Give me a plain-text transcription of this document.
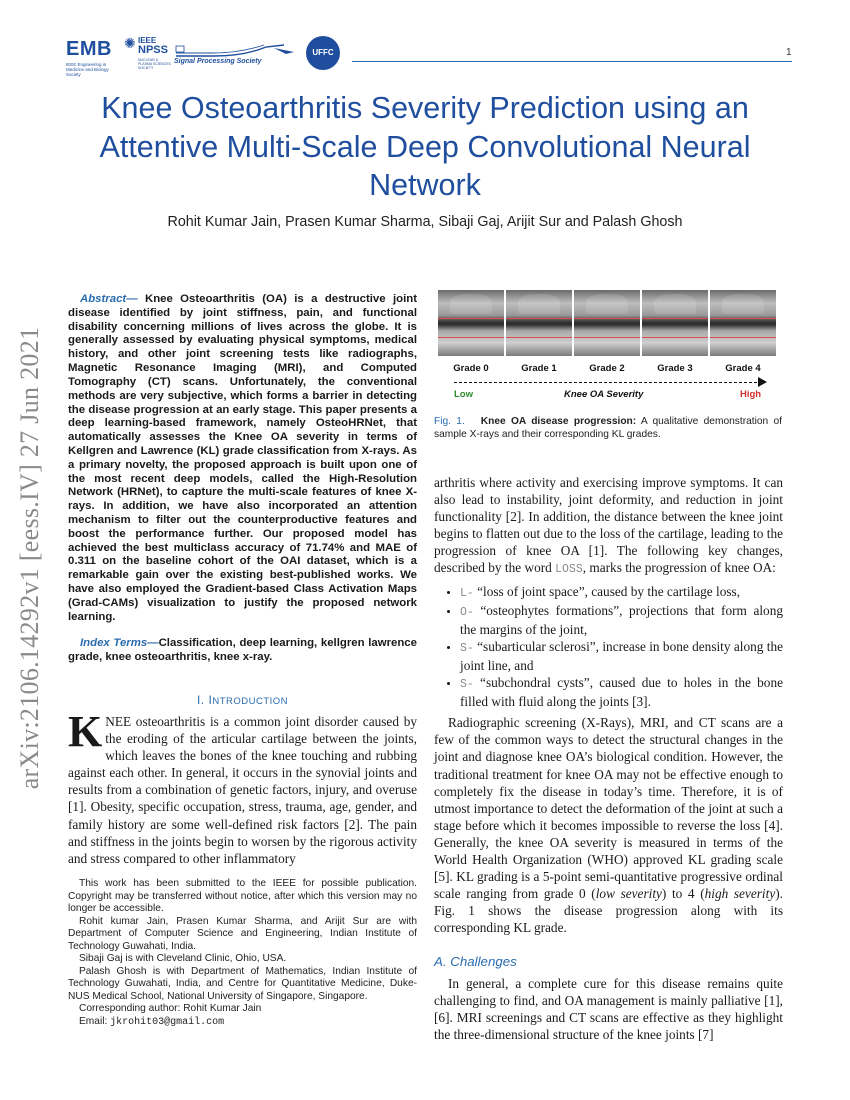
EMB
IEEE Engineering in Medicine and Biology Society
✺ IEEE
NPSS
NUCLEAR & PLASMA SCIENCES SOCIETY
Signal Processing Society
UFFC	1
Knee Osteoarthritis Severity Prediction using an Attentive Multi-Scale Deep Convolutional Neural Network
Rohit Kumar Jain, Prasen Kumar Sharma, Sibaji Gaj, Arijit Sur and Palash Ghosh
arXiv:2106.14292v1 [eess.IV] 27 Jun 2021
Abstract— Knee Osteoarthritis (OA) is a destructive joint disease identified by joint stiffness, pain, and functional disability concerning millions of lives across the globe. It is generally assessed by evaluating physical symptoms, medical history, and other joint screening tests like radiographs, Magnetic Resonance Imaging (MRI), and Computed Tomography (CT) scans. Unfortunately, the conventional methods are very subjective, which forms a barrier in detecting the disease progression at an early stage. This paper presents a deep learning-based framework, namely OsteoHRNet, that automatically assesses the Knee OA severity in terms of Kellgren and Lawrence (KL) grade classification from X-rays. As a primary novelty, the proposed approach is built upon one of the most recent deep models, called the High-Resolution Network (HRNet), to capture the multi-scale features of knee X-rays. In addition, we have also incorporated an attention mechanism to filter out the counterproductive features and boost the performance further. Our proposed model has achieved the best multiclass accuracy of 71.74% and MAE of 0.311 on the baseline cohort of the OAI dataset, which is a remarkable gain over the existing best-published works. We have also employed the Gradient-based Class Activation Maps (Grad-CAMs) visualization to justify the proposed network learning.
Index Terms—Classification, deep learning, kellgren lawrence grade, knee osteoarthritis, knee x-ray.
I. INTRODUCTION
KNEE osteoarthritis is a common joint disorder caused by the eroding of the articular cartilage between the joints, which leaves the bones of the knee touching and rubbing against each other. In general, it occurs in the synovial joints and results from a combination of genetic factors, injury, and overuse [1]. Obesity, specific occupation, stress, trauma, age, gender, and family history are some well-defined risk factors [2]. The pain and stiffness in the joints begin to worsen by the rigorous activity and stress compared to other inflammatory

This work has been submitted to the IEEE for possible publication. Copyright may be transferred without notice, after which this version may no longer be accessible.

Rohit kumar Jain, Prasen Kumar Sharma, and Arijit Sur are with Department of Computer Science and Engineering, Indian Institute of Technology Guwahati, India.

Sibaji Gaj is with Cleveland Clinic, Ohio, USA.

Palash Ghosh is with Department of Mathematics, Indian Institute of Technology Guwahati, India, and Centre for Quantitative Medicine, Duke-NUS Medical School, National University of Singapore, Singapore.

Corresponding author: Rohit Kumar Jain

Email: jkrohit03@gmail.com

Grade 0	Grade 1	Grade 2	Grade 3	Grade 4
Low	Knee OA Severity	High
Fig. 1. Knee OA disease progression: A qualitative demonstration of sample X-rays and their corresponding KL grades.

arthritis where activity and exercising improve symptoms. It can also lead to instability, joint deformity, and reduction in joint functionality [2]. In addition, the distance between the knee joint begins to flatten out due to the loss of the cartilage, leading to the progression of knee OA [1]. The following key changes, described by the word LOSS, marks the progression of knee OA:

• L- “loss of joint space”, caused by the cartilage loss,
• O- “osteophytes formations”, projections that form along the margins of the joint,
• S- “subarticular sclerosi”, increase in bone density along the joint line, and
• S- “subchondral cysts”, caused due to holes in the bone filled with fluid along the joints [3].

Radiographic screening (X-Rays), MRI, and CT scans are a few of the common ways to detect the structural changes in the joint and diagnose knee OA’s biological condition. However, the traditional treatment for knee OA may not be effective enough to completely fix the disease in today’s time. Therefore, it is of utmost importance to detect the deformation of the joint at such a stage before which it becomes impossible to reverse the loss [4]. Generally, the knee OA severity is measured in terms of the World Health Organization (WHO) approved KL grading scale [5]. KL grading is a 5-point semi-quantitative progressive ordinal scale ranging from grade 0 (low severity) to 4 (high severity). Fig. 1 shows the disease progression along with its corresponding KL grade.

A. Challenges
In general, a complete cure for this disease remains quite challenging to find, and OA management is mainly palliative [1], [6]. MRI screenings and CT scans are effective as they highlight the three-dimensional structure of the knee joints [7]
